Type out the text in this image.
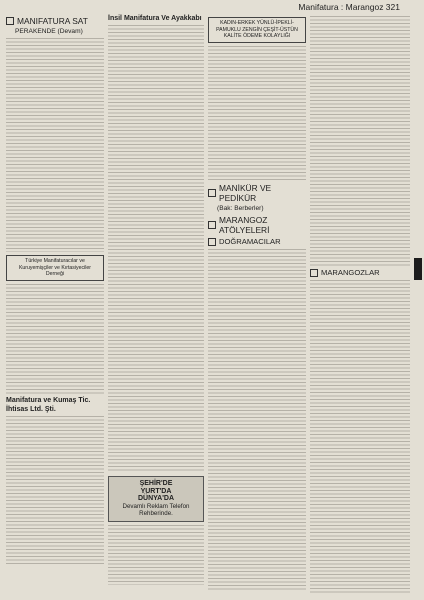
Manifatura : Marangoz 321
MANIFATURA SAT
PERAKENDE (Devam)
Türkiye Manifaturacılar ve Kuruyemişçiler ve Kırtasiyeciler Derneği
Manifatura ve Kumaş Tic. İhtisas Ltd. Şti.
İnsil Manifatura Ve Ayakkabı
ŞEHİR'DE
YURT'DA
DÜNYA'DA
Devamlı Reklam Telefon
Rehberinde.
KADIN-ERKEK YÜNLÜ-İPEKLİ-PAMUKLU ZENGİN ÇEŞİT-ÜSTÜN KALİTE ÖDEME KOLAYLIĞI
MANİKÜR VE PEDİKÜR
(Bak: Berberler)
MARANGOZ ATÖLYELERİ
DOĞRAMACILAR
MARANGOZLAR
